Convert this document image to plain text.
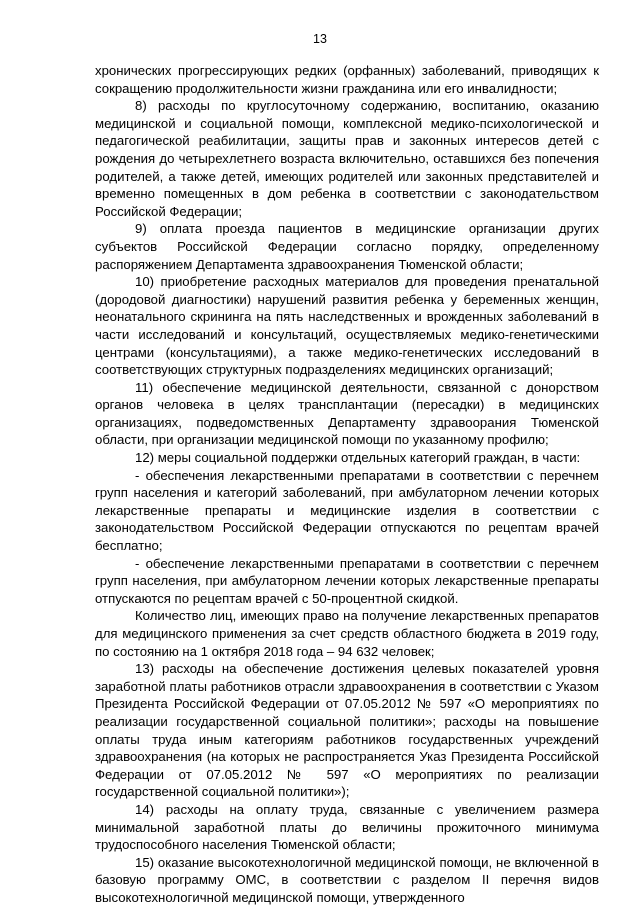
13

хронических прогрессирующих редких (орфанных) заболеваний, приводящих к сокращению продолжительности жизни гражданина или его инвалидности;

8) расходы по круглосуточному содержанию, воспитанию, оказанию медицинской и социальной помощи, комплексной медико-психологической и педагогической реабилитации, защиты прав и законных интересов детей с рождения до четырехлетнего возраста включительно, оставшихся без попечения родителей, а также детей, имеющих родителей или законных представителей и временно помещенных в дом ребенка в соответствии с законодательством Российской Федерации;

9) оплата проезда пациентов в медицинские организации других субъектов Российской Федерации согласно порядку, определенному распоряжением Департамента здравоохранения Тюменской области;

10) приобретение расходных материалов для проведения пренатальной (дородовой диагностики) нарушений развития ребенка у беременных женщин, неонатального скрининга на пять наследственных и врожденных заболеваний в части исследований и консультаций, осуществляемых медико-генетическими центрами (консультациями), а также медико-генетических исследований в соответствующих структурных подразделениях медицинских организаций;

11) обеспечение медицинской деятельности, связанной с донорством органов человека в целях трансплантации (пересадки) в медицинских организациях, подведомственных Департаменту здравоорания Тюменской области, при организации медицинской помощи по указанному профилю;

12) меры социальной поддержки отдельных категорий граждан, в части:

- обеспечения лекарственными препаратами в соответствии с перечнем групп населения и категорий заболеваний, при амбулаторном лечении которых лекарственные препараты и медицинские изделия в соответствии с законодательством Российской Федерации отпускаются по рецептам врачей бесплатно;

- обеспечение лекарственными препаратами в соответствии с перечнем групп населения, при амбулаторном лечении которых лекарственные препараты отпускаются по рецептам врачей с 50-процентной скидкой.

Количество лиц, имеющих право на получение лекарственных препаратов для медицинского применения за счет средств областного бюджета в 2019 году, по состоянию на 1 октября 2018 года – 94 632 человек;

13) расходы на обеспечение достижения целевых показателей уровня заработной платы работников отрасли здравоохранения в соответствии с Указом Президента Российской Федерации от 07.05.2012 № 597 «О мероприятиях по реализации государственной социальной политики»; расходы на повышение оплаты труда иным категориям работников государственных учреждений здравоохранения (на которых не распространяется Указ Президента Российской Федерации от 07.05.2012 № 597 «О мероприятиях по реализации государственной социальной политики»);

14) расходы на оплату труда, связанные с увеличением размера минимальной заработной платы до величины прожиточного минимума трудоспособного населения Тюменской области;

15) оказание высокотехнологичной медицинской помощи, не включенной в базовую программу ОМС, в соответствии с разделом II перечня видов высокотехнологичной медицинской помощи, утвержденного
